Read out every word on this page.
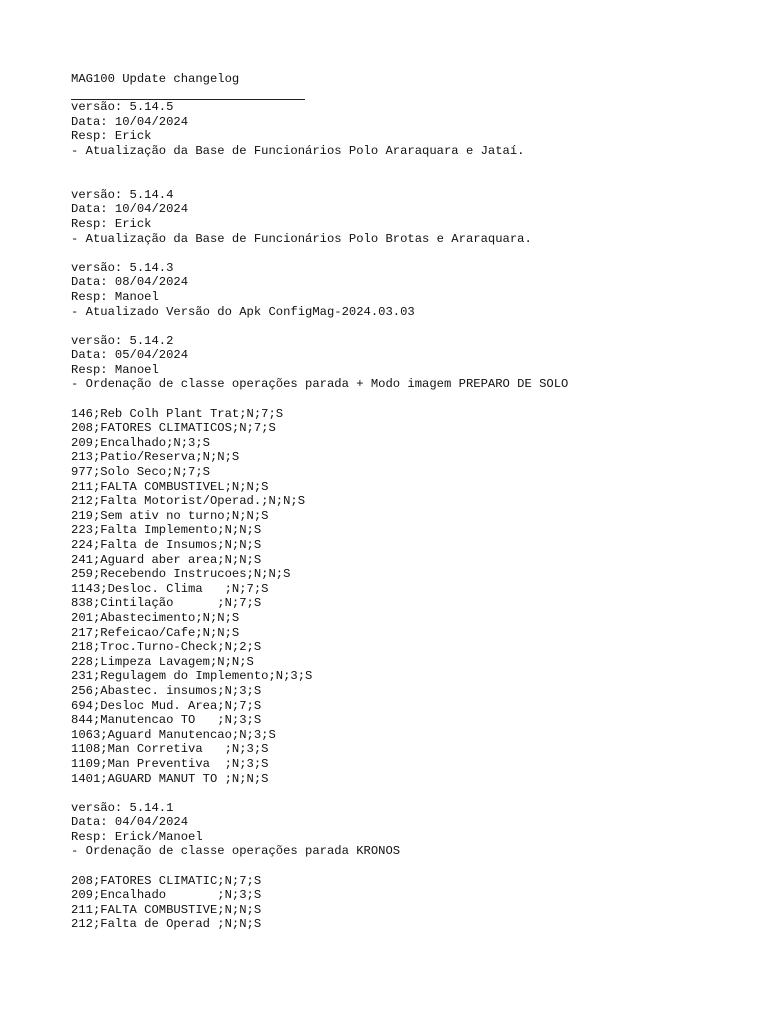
MAG100 Update changelog
versão: 5.14.5
Data: 10/04/2024
Resp: Erick
- Atualização da Base de Funcionários Polo Araraquara e Jataí.
versão: 5.14.4
Data: 10/04/2024
Resp: Erick
- Atualização da Base de Funcionários Polo Brotas e Araraquara.
versão: 5.14.3
Data: 08/04/2024
Resp: Manoel
- Atualizado Versão do Apk ConfigMag-2024.03.03
versão: 5.14.2
Data: 05/04/2024
Resp: Manoel
- Ordenação de classe operações parada + Modo imagem PREPARO DE SOLO
146;Reb Colh Plant Trat;N;7;S
208;FATORES CLIMATICOS;N;7;S
209;Encalhado;N;3;S
213;Patio/Reserva;N;N;S
977;Solo Seco;N;7;S
211;FALTA COMBUSTIVEL;N;N;S
212;Falta Motorist/Operad.;N;N;S
219;Sem ativ no turno;N;N;S
223;Falta Implemento;N;N;S
224;Falta de Insumos;N;N;S
241;Aguard aber area;N;N;S
259;Recebendo Instrucoes;N;N;S
1143;Desloc. Clima   ;N;7;S
838;Cintilação      ;N;7;S
201;Abastecimento;N;N;S
217;Refeicao/Cafe;N;N;S
218;Troc.Turno-Check;N;2;S
228;Limpeza Lavagem;N;N;S
231;Regulagem do Implemento;N;3;S
256;Abastec. insumos;N;3;S
694;Desloc Mud. Area;N;7;S
844;Manutencao TO   ;N;3;S
1063;Aguard Manutencao;N;3;S
1108;Man Corretiva   ;N;3;S
1109;Man Preventiva  ;N;3;S
1401;AGUARD MANUT TO ;N;N;S
versão: 5.14.1
Data: 04/04/2024
Resp: Erick/Manoel
- Ordenação de classe operações parada KRONOS
208;FATORES CLIMATIC;N;7;S
209;Encalhado       ;N;3;S
211;FALTA COMBUSTIVE;N;N;S
212;Falta de Operad ;N;N;S
